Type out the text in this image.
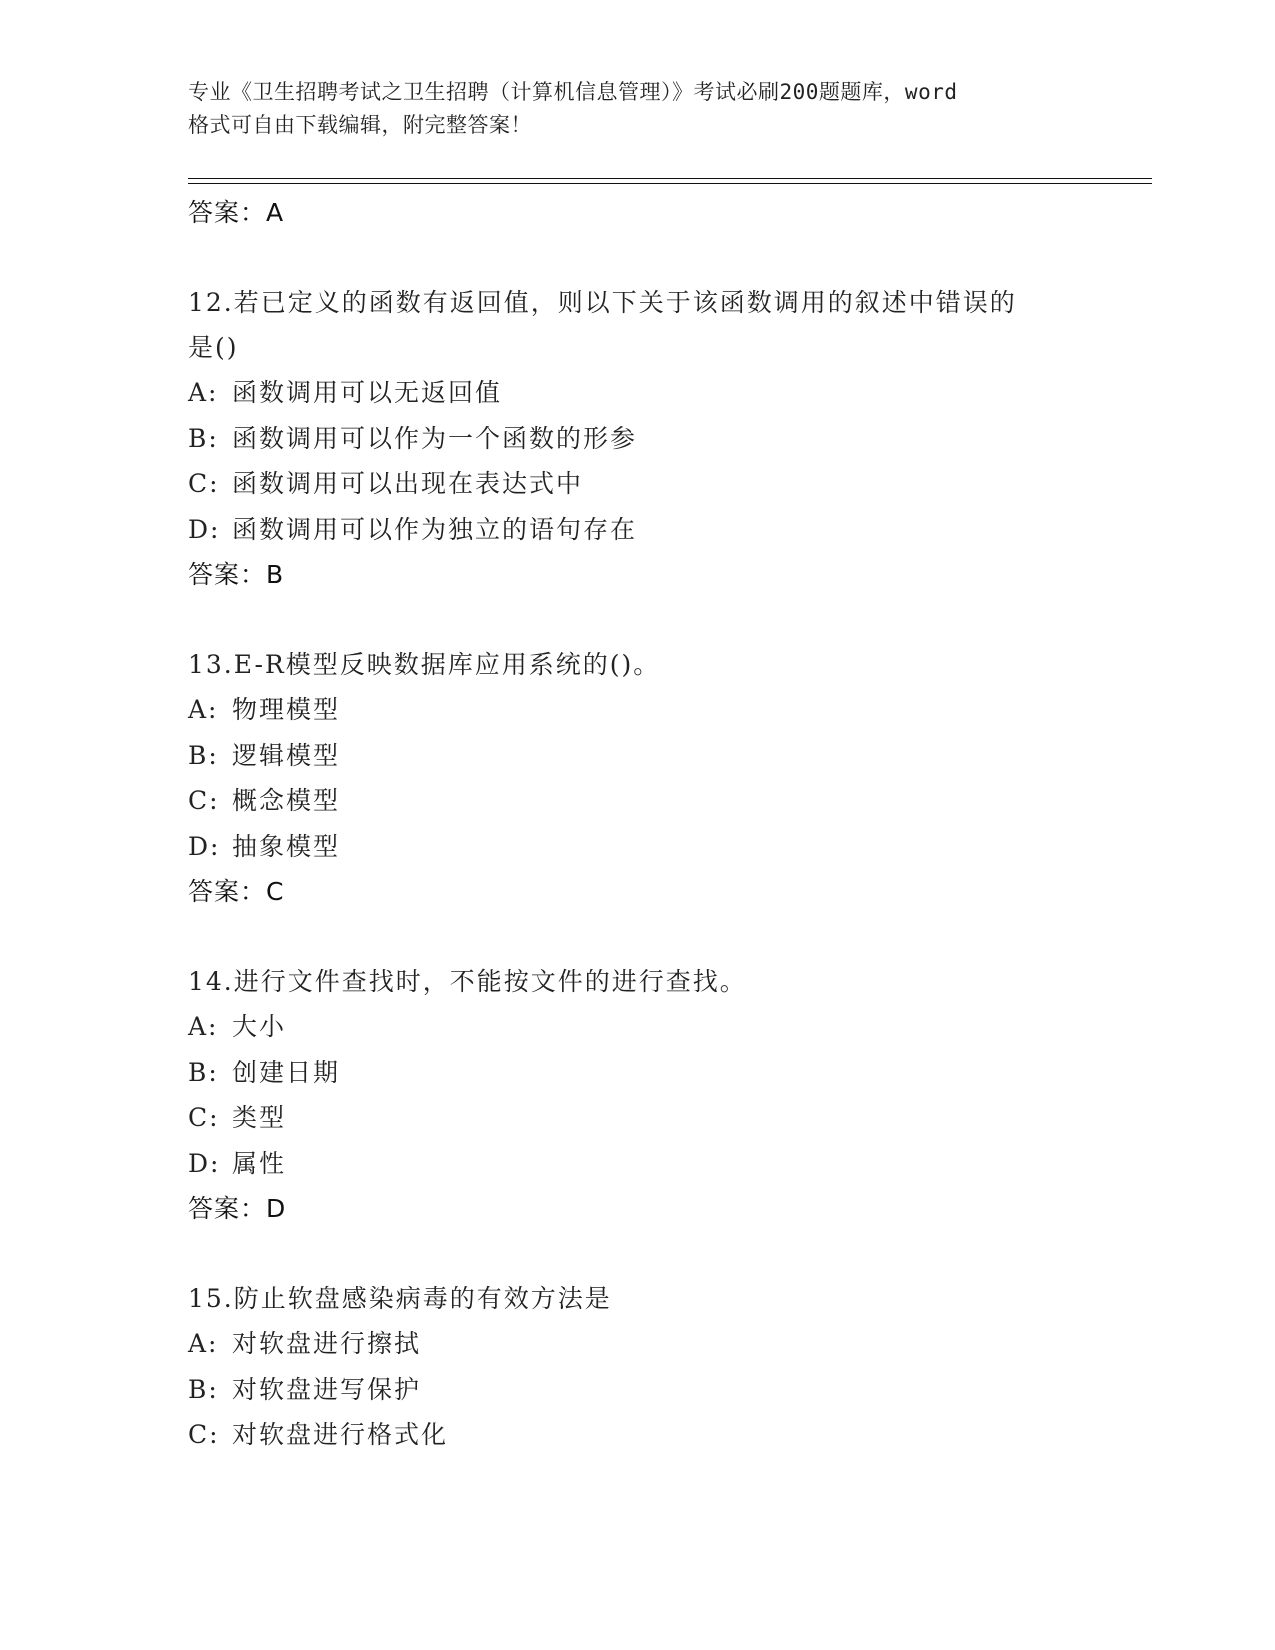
专业《卫生招聘考试之卫生招聘（计算机信息管理）》考试必刷200题题库，word
格式可自由下载编辑，附完整答案！
答案：A
12.若已定义的函数有返回值，则以下关于该函数调用的叙述中错误的
是()
A: 函数调用可以无返回值
B: 函数调用可以作为一个函数的形参
C: 函数调用可以出现在表达式中
D: 函数调用可以作为独立的语句存在
答案：B
13.E-R模型反映数据库应用系统的()。
A: 物理模型
B: 逻辑模型
C: 概念模型
D: 抽象模型
答案：C
14.进行文件查找时，不能按文件的进行查找。
A: 大小
B: 创建日期
C: 类型
D: 属性
答案：D
15.防止软盘感染病毒的有效方法是
A: 对软盘进行擦拭
B: 对软盘进写保护
C: 对软盘进行格式化
